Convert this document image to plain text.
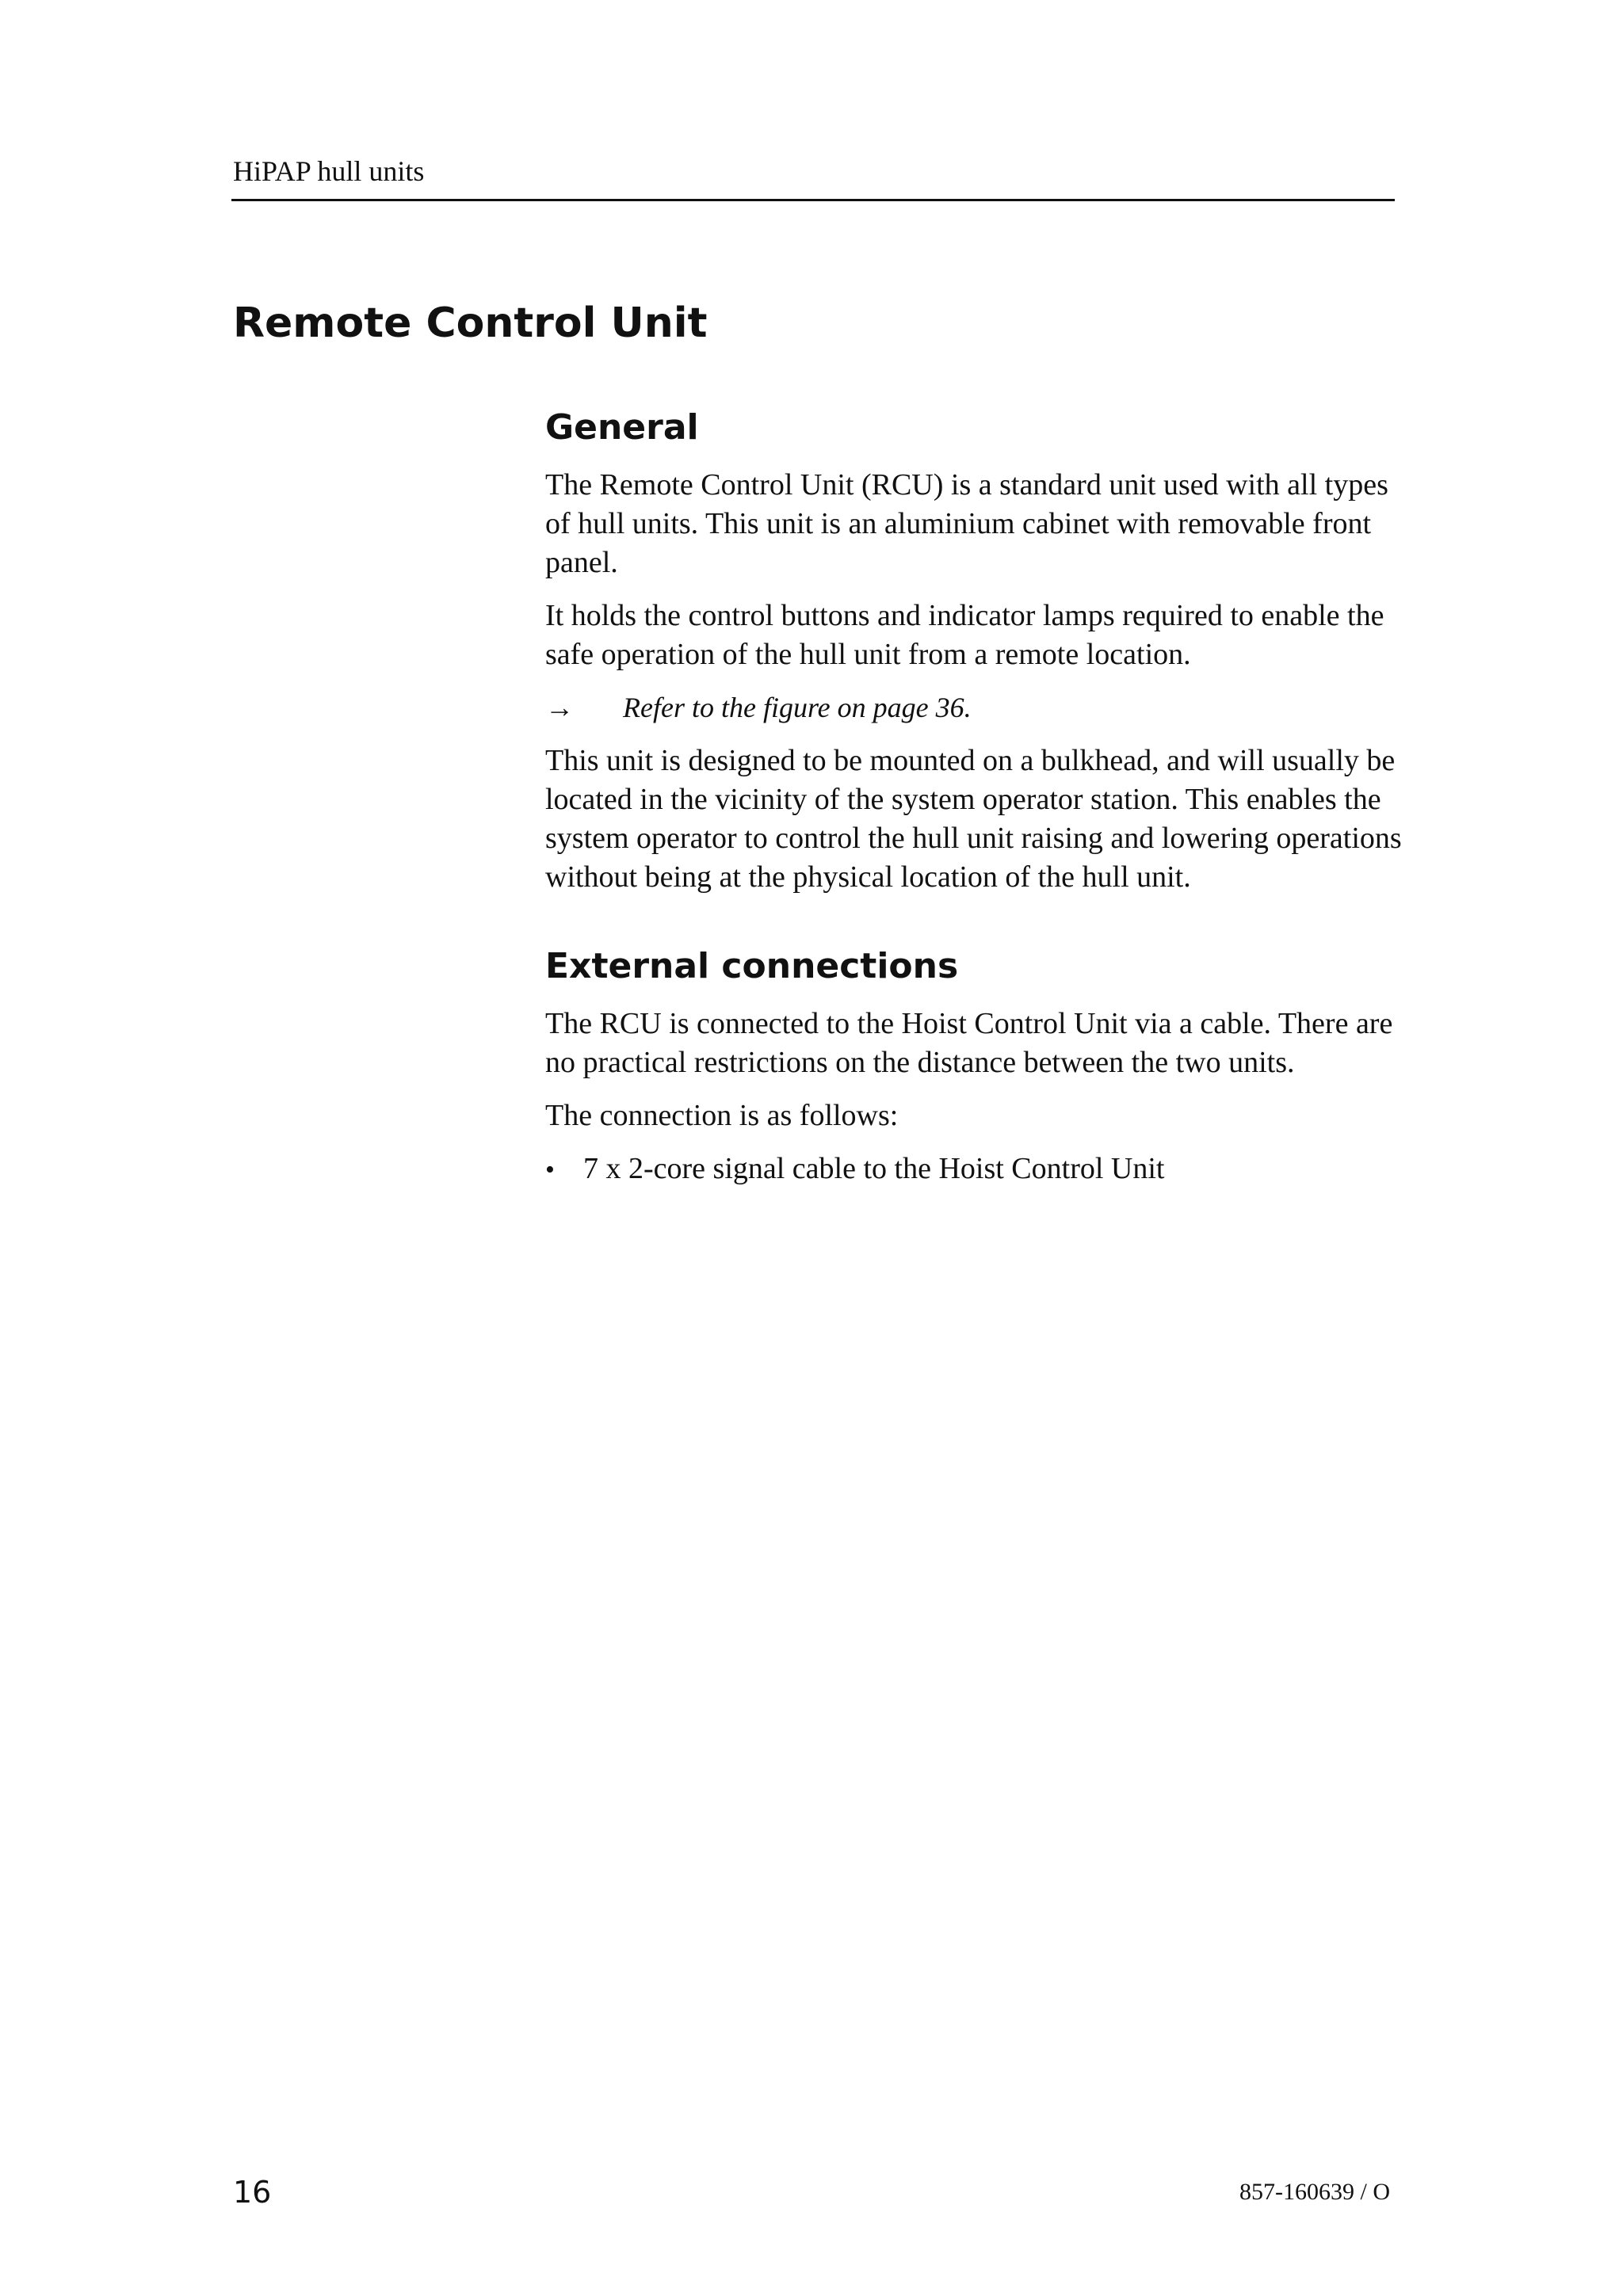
HiPAP hull units
Remote Control Unit
General

The Remote Control Unit (RCU) is a standard unit used with all types of hull units. This unit is an aluminium cabinet with removable front panel.

It holds the control buttons and indicator lamps required to enable the safe operation of the hull unit from a remote location.

→	Refer to the figure on page 36.

This unit is designed to be mounted on a bulkhead, and will usually be located in the vicinity of the system operator station. This enables the system operator to control the hull unit raising and lowering operations without being at the physical location of the hull unit.

External connections

The RCU is connected to the Hoist Control Unit via a cable. There are no practical restrictions on the distance between the two units.

The connection is as follows:

• 7 x 2-core signal cable to the Hoist Control Unit
16	857-160639 / O
